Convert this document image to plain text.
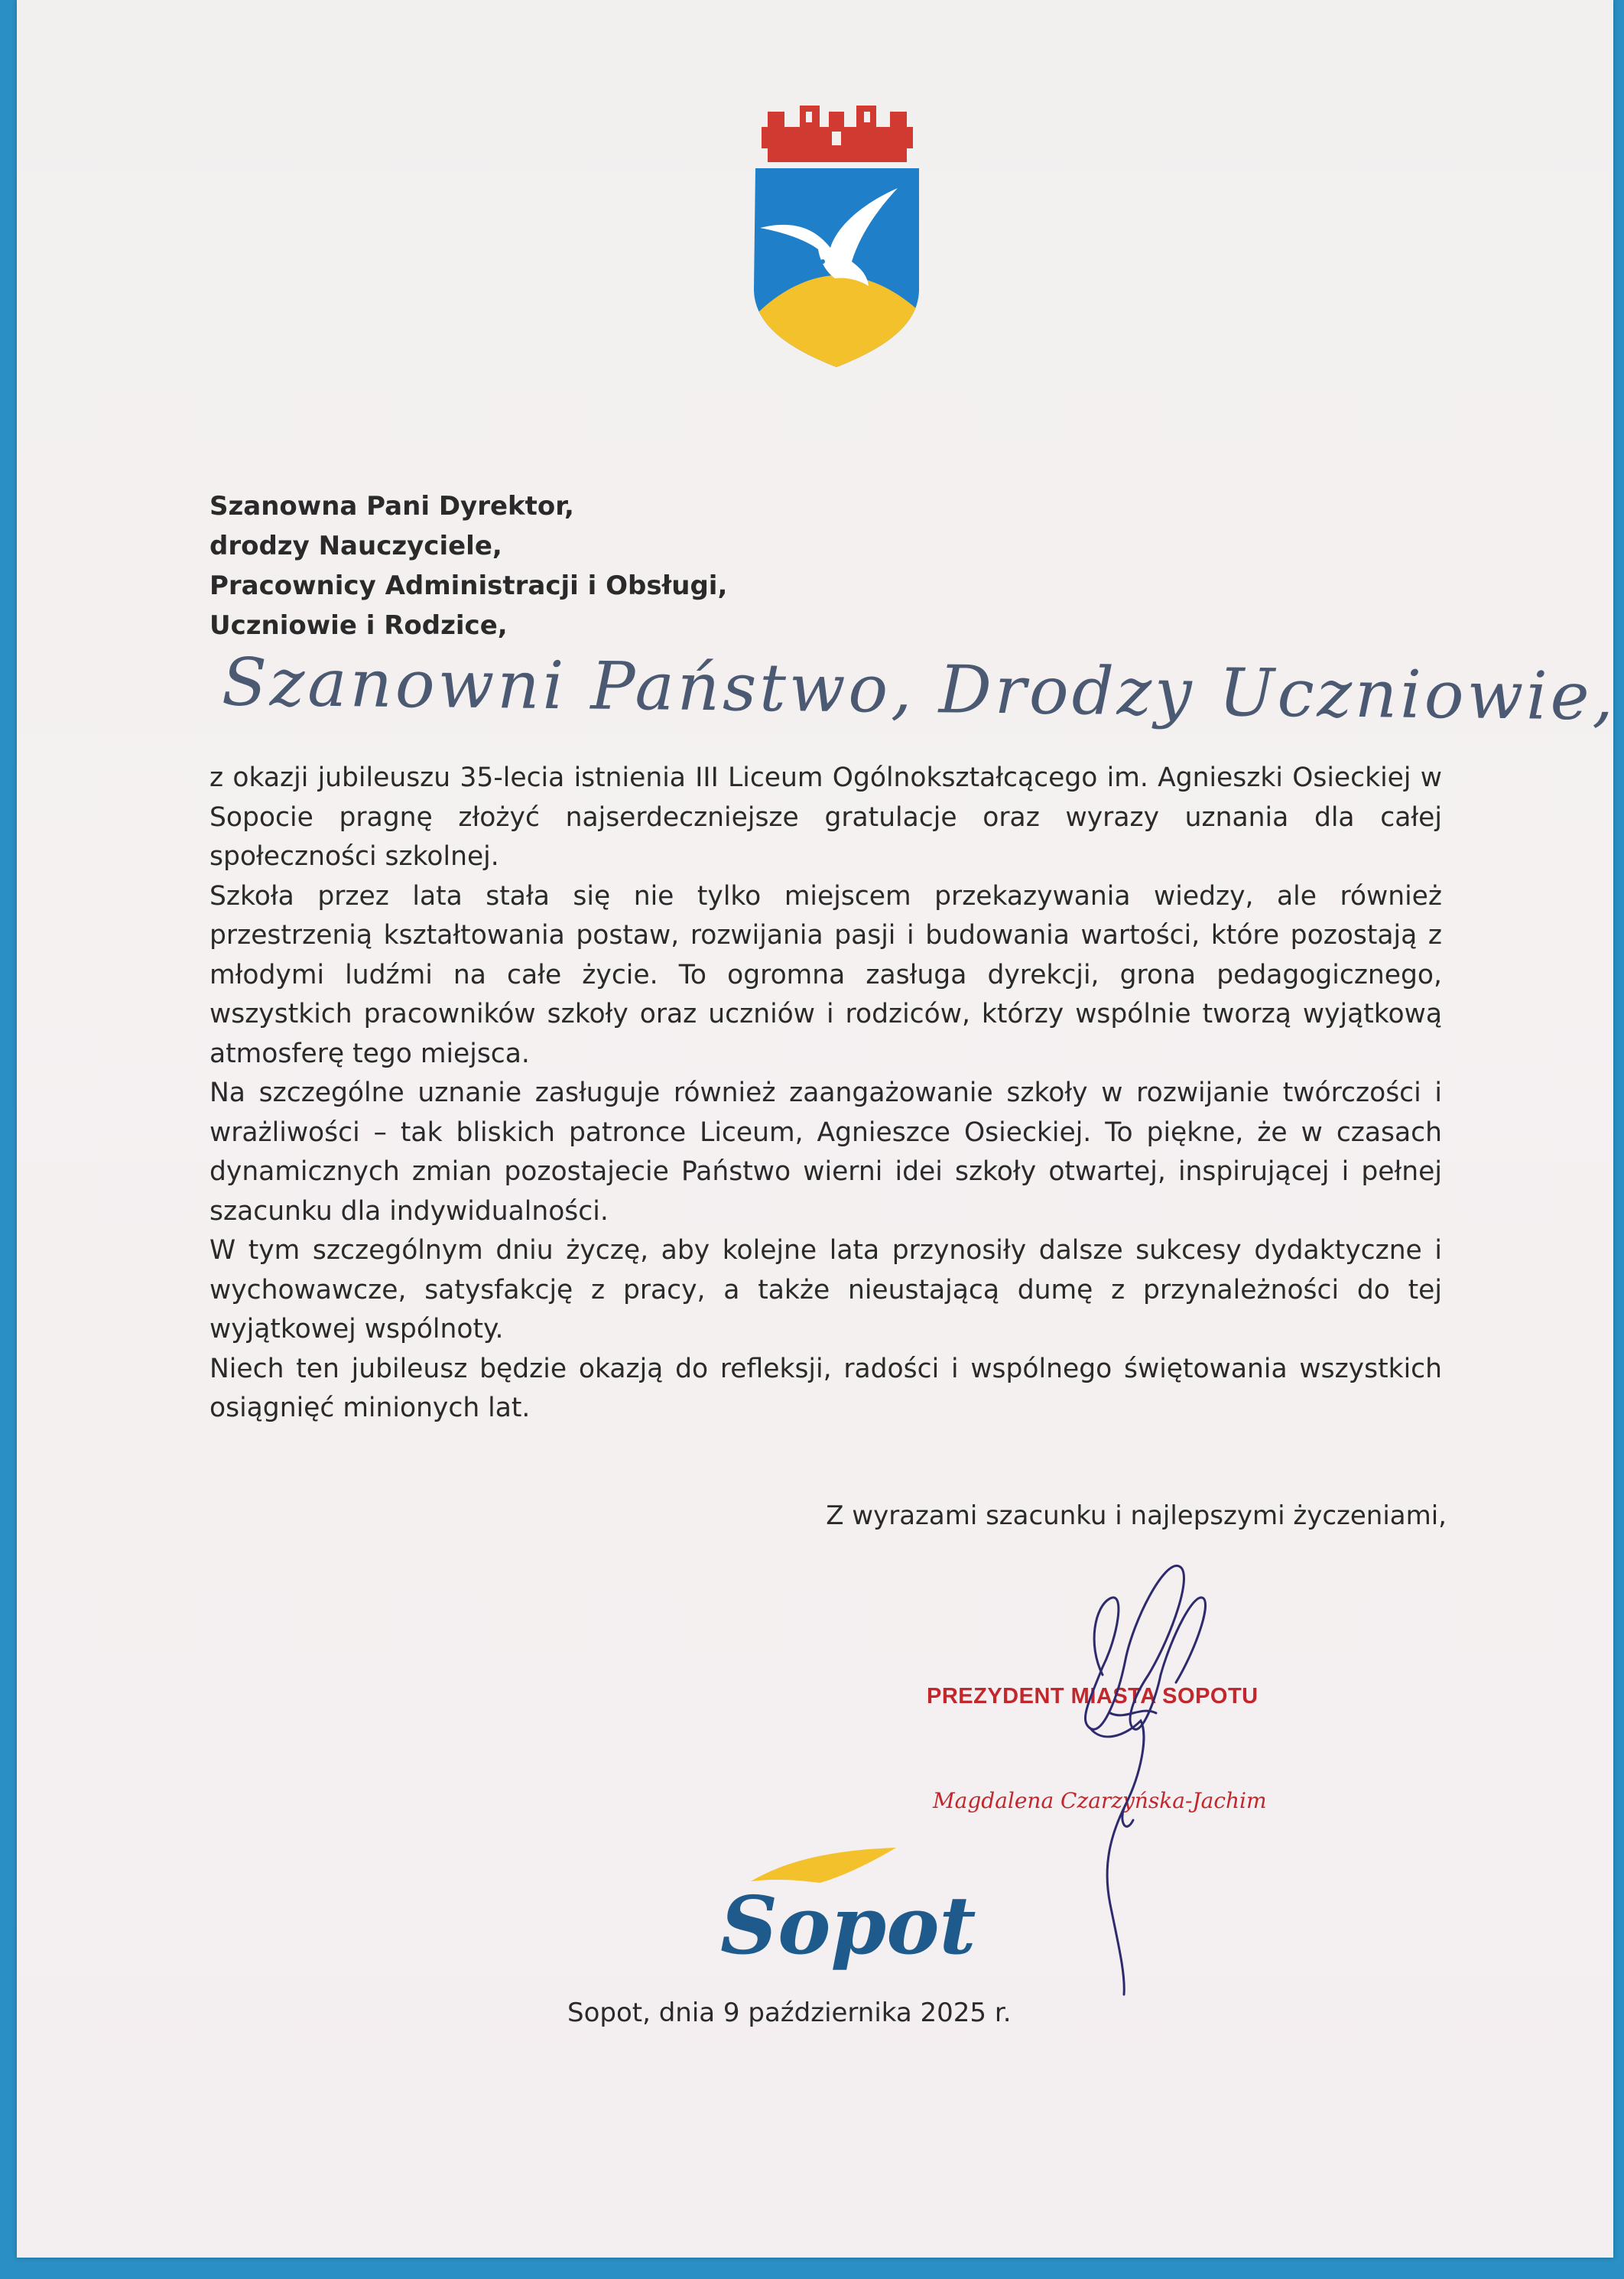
Szanowna Pani Dyrektor,
drodzy Nauczyciele,
Pracownicy Administracji i Obsługi,
Uczniowie i Rodzice,
Szanowni Państwo, Drodzy Uczniowie,

z okazji jubileuszu 35-lecia istnienia III Liceum Ogólnokształcącego im. Agnieszki Osieckiej w Sopocie pragnę złożyć najserdeczniejsze gratulacje oraz wyrazy uznania dla całej społeczności szkolnej.

Szkoła przez lata stała się nie tylko miejscem przekazywania wiedzy, ale również przestrzenią kształtowania postaw, rozwijania pasji i budowania wartości, które pozostają z młodymi ludźmi na całe życie. To ogromna zasługa dyrekcji, grona pedagogicznego, wszystkich pracowników szkoły oraz uczniów i rodziców, którzy wspólnie tworzą wyjątkową atmosferę tego miejsca.

Na szczególne uznanie zasługuje również zaangażowanie szkoły w rozwijanie twórczości i wrażliwości – tak bliskich patronce Liceum, Agnieszce Osieckiej. To piękne, że w czasach dynamicznych zmian pozostajecie Państwo wierni idei szkoły otwartej, inspirującej i pełnej szacunku dla indywidualności.

W tym szczególnym dniu życzę, aby kolejne lata przynosiły dalsze sukcesy dydaktyczne i wychowawcze, satysfakcję z pracy, a także nieustającą dumę z przynależności do tej wyjątkowej wspólnoty.

Niech ten jubileusz będzie okazją do refleksji, radości i wspólnego świętowania wszystkich osiągnięć minionych lat.

Z wyrazami szacunku i najlepszymi życzeniami,
PREZYDENT MIASTA SOPOTU
Magdalena Czarzyńska-Jachim
Sopot
Sopot, dnia 9 października 2025 r.
